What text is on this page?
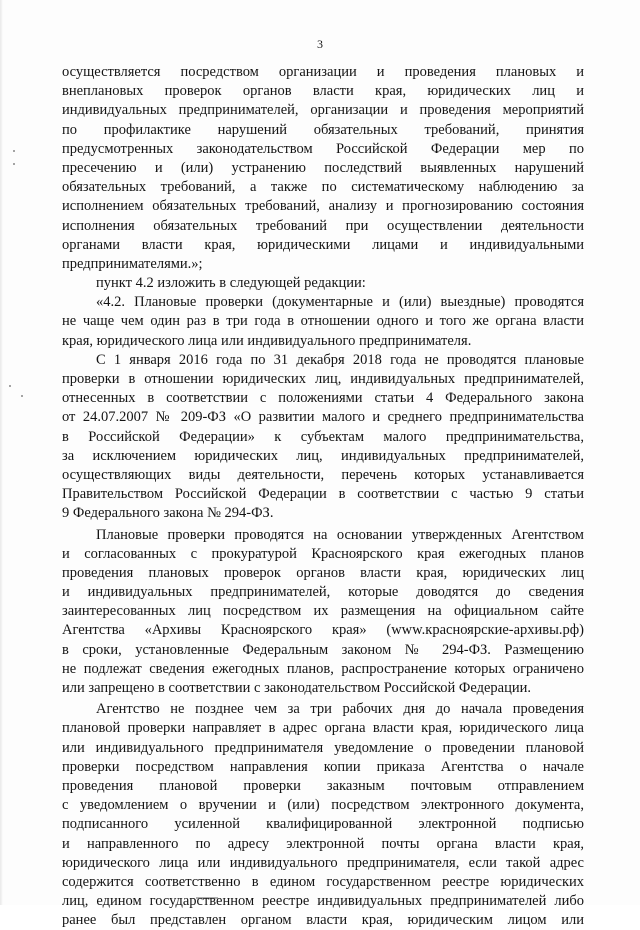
3
осуществляется посредством организации и проведения плановых и
внеплановых проверок органов власти края, юридических лиц и
индивидуальных предпринимателей, организации и проведения мероприятий
по профилактике нарушений обязательных требований, принятия
предусмотренных законодательством Российской Федерации мер по
пресечению и (или) устранению последствий выявленных нарушений
обязательных требований, а также по систематическому наблюдению за
исполнением обязательных требований, анализу и прогнозированию состояния
исполнения обязательных требований при осуществлении деятельности
органами власти края, юридическими лицами и индивидуальными
предпринимателями.»;
пункт 4.2 изложить в следующей редакции:
«4.2. Плановые проверки (документарные и (или) выездные) проводятся
не чаще чем один раз в три года в отношении одного и того же органа власти
края, юридического лица или индивидуального предпринимателя.
С 1 января 2016 года по 31 декабря 2018 года не проводятся плановые
проверки в отношении юридических лиц, индивидуальных предпринимателей,
отнесенных в соответствии с положениями статьи 4 Федерального закона
от 24.07.2007 № 209-ФЗ «О развитии малого и среднего предпринимательства
в Российской Федерации» к субъектам малого предпринимательства,
за исключением юридических лиц, индивидуальных предпринимателей,
осуществляющих виды деятельности, перечень которых устанавливается
Правительством Российской Федерации в соответствии с частью 9 статьи
9 Федерального закона № 294-ФЗ.
Плановые проверки проводятся на основании утвержденных Агентством
и согласованных с прокуратурой Красноярского края ежегодных планов
проведения плановых проверок органов власти края, юридических лиц
и индивидуальных предпринимателей, которые доводятся до сведения
заинтересованных лиц посредством их размещения на официальном сайте
Агентства «Архивы Красноярского края» (www.красноярские-архивы.рф)
в сроки, установленные Федеральным законом № 294-ФЗ. Размещению
не подлежат сведения ежегодных планов, распространение которых ограничено
или запрещено в соответствии с законодательством Российской Федерации.
Агентство не позднее чем за три рабочих дня до начала проведения
плановой проверки направляет в адрес органа власти края, юридического лица
или индивидуального предпринимателя уведомление о проведении плановой
проверки посредством направления копии приказа Агентства о начале
проведения плановой проверки заказным почтовым отправлением
с уведомлением о вручении и (или) посредством электронного документа,
подписанного усиленной квалифицированной электронной подписью
и направленного по адресу электронной почты органа власти края,
юридического лица или индивидуального предпринимателя, если такой адрес
содержится соответственно в едином государственном реестре юридических
лиц, едином государственном реестре индивидуальных предпринимателей либо
ранее был представлен органом власти края, юридическим лицом или
